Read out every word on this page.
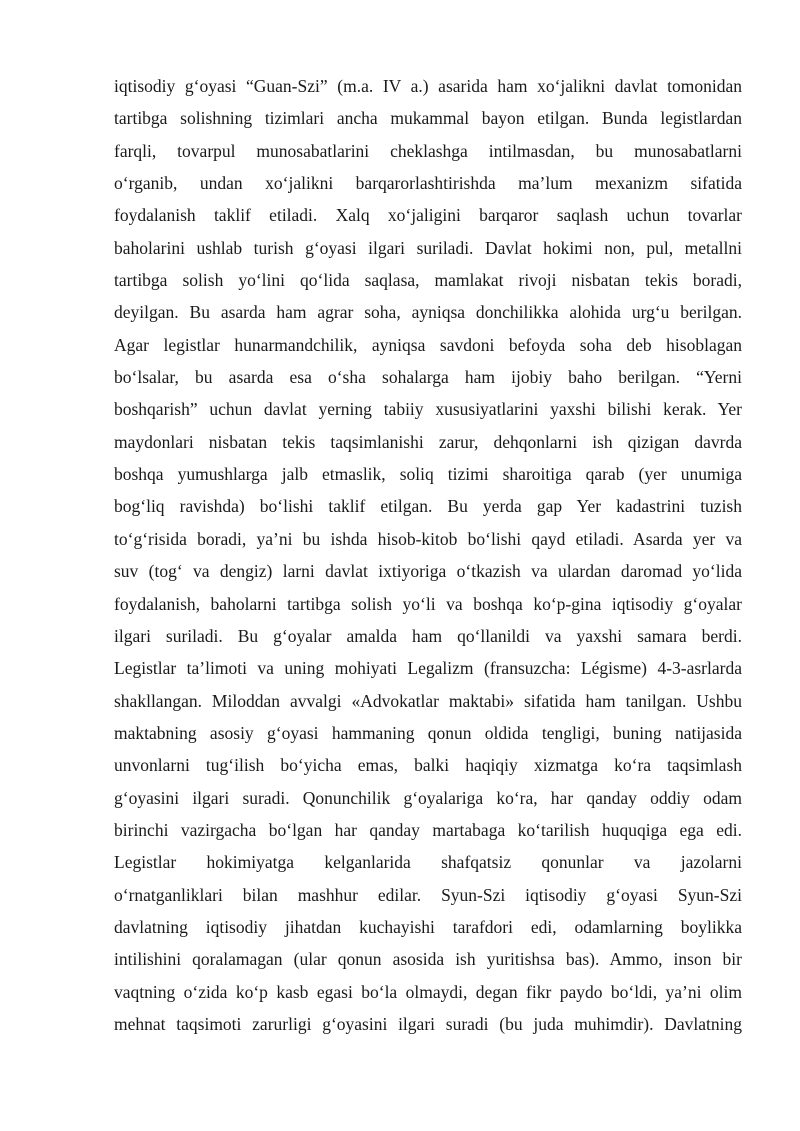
iqtisodiy g‘oyasi “Guan-Szi” (m.a. IV a.) asarida ham xo‘jalikni davlat tomonidan
tartibga solishning tizimlari ancha mukammal bayon etilgan. Bunda legistlardan
farqli, tovarpul munosabatlarini cheklashga intilmasdan, bu munosabatlarni
o‘rganib, undan xo‘jalikni barqarorlashtirishda ma’lum mexanizm sifatida
foydalanish taklif etiladi. Xalq xo‘jaligini barqaror saqlash uchun tovarlar
baholarini ushlab turish g‘oyasi ilgari suriladi. Davlat hokimi non, pul, metallni
tartibga solish yo‘lini qo‘lida saqlasa, mamlakat rivoji nisbatan tekis boradi,
deyilgan. Bu asarda ham agrar soha, ayniqsa donchilikka alohida urg‘u berilgan.
Agar legistlar hunarmandchilik, ayniqsa savdoni befoyda soha deb hisoblagan
bo‘lsalar, bu asarda esa o‘sha sohalarga ham ijobiy baho berilgan. “Yerni
boshqarish” uchun davlat yerning tabiiy xususiyatlarini yaxshi bilishi kerak. Yer
maydonlari nisbatan tekis taqsimlanishi zarur, dehqonlarni ish qizigan davrda
boshqa yumushlarga jalb etmaslik, soliq tizimi sharoitiga qarab (yer unumiga
bog‘liq ravishda) bo‘lishi taklif etilgan. Bu yerda gap Yer kadastrini tuzish
to‘g‘risida boradi, ya’ni bu ishda hisob-kitob bo‘lishi qayd etiladi. Asarda yer va
suv (tog‘ va dengiz) larni davlat ixtiyoriga o‘tkazish va ulardan daromad yo‘lida
foydalanish, baholarni tartibga solish yo‘li va boshqa ko‘p-gina iqtisodiy g‘oyalar
ilgari suriladi. Bu g‘oyalar amalda ham qo‘llanildi va yaxshi samara berdi.
Legistlar ta’limoti va uning mohiyati Legalizm (fransuzcha: Légisme) 4-3-asrlarda
shakllangan. Miloddan avvalgi «Advokatlar maktabi» sifatida ham tanilgan. Ushbu
maktabning asosiy g‘oyasi hammaning qonun oldida tengligi, buning natijasida
unvonlarni tug‘ilish bo‘yicha emas, balki haqiqiy xizmatga ko‘ra taqsimlash
g‘oyasini ilgari suradi. Qonunchilik g‘oyalariga ko‘ra, har qanday oddiy odam
birinchi vazirgacha bo‘lgan har qanday martabaga ko‘tarilish huquqiga ega edi.
Legistlar hokimiyatga kelganlarida shafqatsiz qonunlar va jazolarni
o‘rnatganliklari bilan mashhur edilar. Syun-Szi iqtisodiy g‘oyasi Syun-Szi
davlatning iqtisodiy jihatdan kuchayishi tarafdori edi, odamlarning boylikka
intilishini qoralamagan (ular qonun asosida ish yuritishsa bas). Ammo, inson bir
vaqtning o‘zida ko‘p kasb egasi bo‘la olmaydi, degan fikr paydo bo‘ldi, ya’ni olim
mehnat taqsimoti zarurligi g‘oyasini ilgari suradi (bu juda muhimdir). Davlatning
